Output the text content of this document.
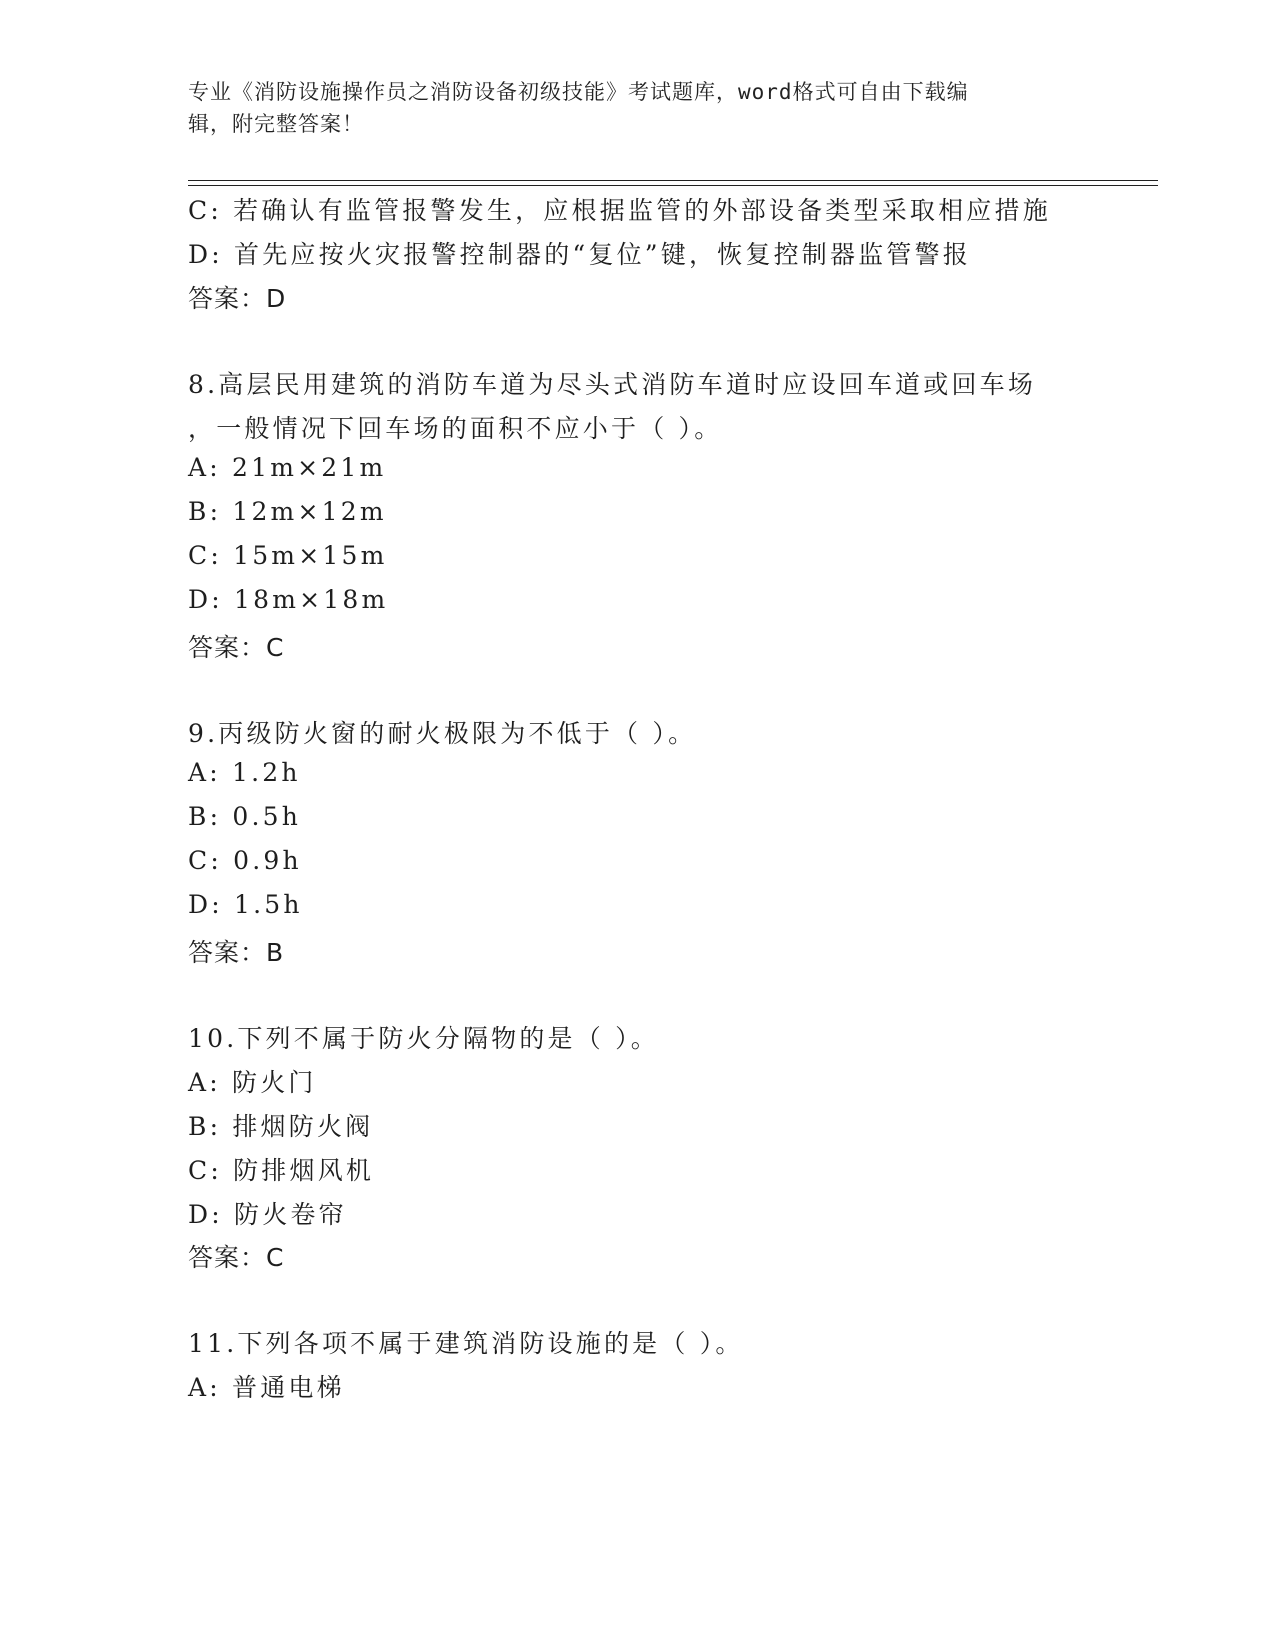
专业《消防设施操作员之消防设备初级技能》考试题库，word格式可自由下载编
辑，附完整答案！
C: 若确认有监管报警发生，应根据监管的外部设备类型采取相应措施
D: 首先应按火灾报警控制器的“复位”键，恢复控制器监管警报
答案：D
8.高层民用建筑的消防车道为尽头式消防车道时应设回车道或回车场
，一般情况下回车场的面积不应小于（ ）。
A: 21m×21m
B: 12m×12m
C: 15m×15m
D: 18m×18m
答案：C
9.丙级防火窗的耐火极限为不低于（ ）。
A: 1.2h
B: 0.5h
C: 0.9h
D: 1.5h
答案：B
10.下列不属于防火分隔物的是（ ）。
A: 防火门
B: 排烟防火阀
C: 防排烟风机
D: 防火卷帘
答案：C
11.下列各项不属于建筑消防设施的是（ ）。
A: 普通电梯
